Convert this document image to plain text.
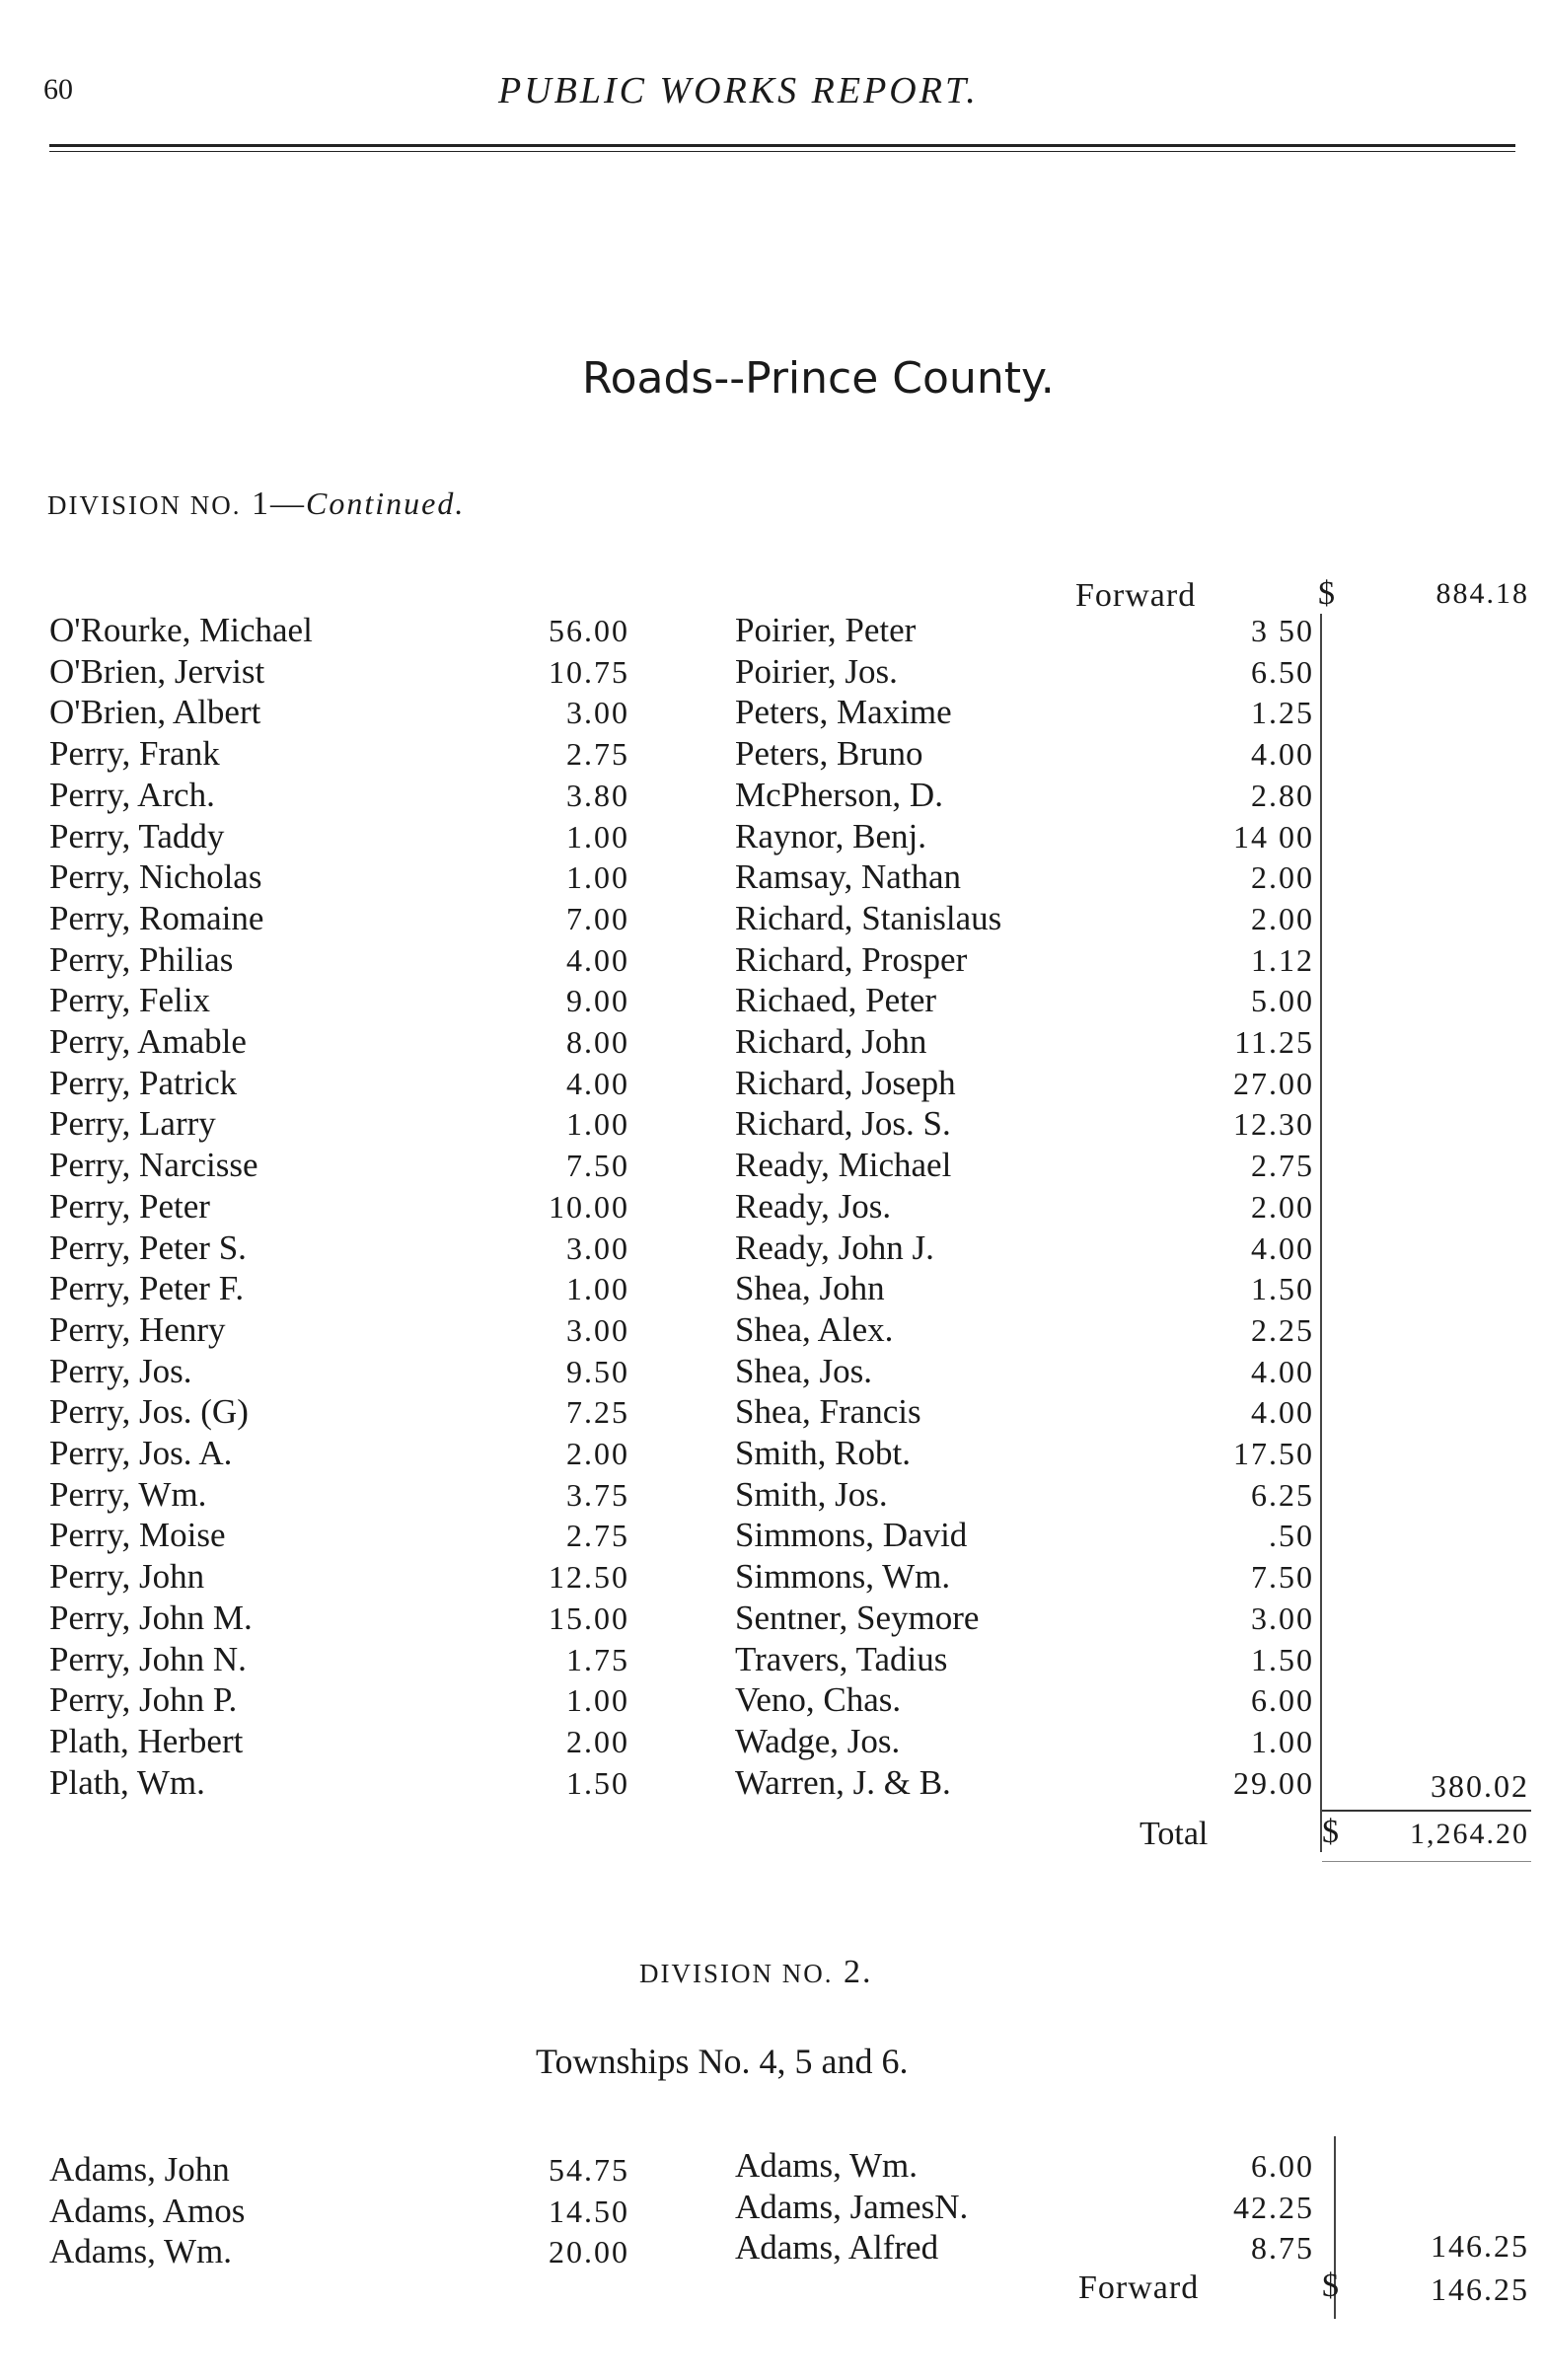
60	PUBLIC WORKS REPORT.
Roads--Prince County.
DIVISION NO. 1—Continued.
Forward	$	884.18
O'Rourke, Michael	56.00
O'Brien, Jervist	10.75
O'Brien, Albert	3.00
Perry, Frank	2.75
Perry, Arch.	3.80
Perry, Taddy	1.00
Perry, Nicholas	1.00
Perry, Romaine	7.00
Perry, Philias	4.00
Perry, Felix	9.00
Perry, Amable	8.00
Perry, Patrick	4.00
Perry, Larry	1.00
Perry, Narcisse	7.50
Perry, Peter	10.00
Perry, Peter S.	3.00
Perry, Peter F.	1.00
Perry, Henry	3.00
Perry, Jos.	9.50
Perry, Jos. (G)	7.25
Perry, Jos. A.	2.00
Perry, Wm.	3.75
Perry, Moise	2.75
Perry, John	12.50
Perry, John M.	15.00
Perry, John N.	1.75
Perry, John P.	1.00
Plath, Herbert	2.00
Plath, Wm.	1.50
Poirier, Peter	3 50
Poirier, Jos.	6.50
Peters, Maxime	1.25
Peters, Bruno	4.00
McPherson, D.	2.80
Raynor, Benj.	14 00
Ramsay, Nathan	2.00
Richard, Stanislaus	2.00
Richard, Prosper	1.12
Richaed, Peter	5.00
Richard, John	11.25
Richard, Joseph	27.00
Richard, Jos. S.	12.30
Ready, Michael	2.75
Ready, Jos.	2.00
Ready, John J.	4.00
Shea, John	1.50
Shea, Alex.	2.25
Shea, Jos.	4.00
Shea, Francis	4.00
Smith, Robt.	17.50
Smith, Jos.	6.25
Simmons, David	.50
Simmons, Wm.	7.50
Sentner, Seymore	3.00
Travers, Tadius	1.50
Veno, Chas.	6.00
Wadge, Jos.	1.00
Warren, J. & B.	29.00	380.02
Total	$	1,264.20
DIVISION NO. 2.
Townships No. 4, 5 and 6.
Adams, John	54.75
Adams, Amos	14.50
Adams, Wm.	20.00
Adams, Wm.	6.00
Adams, JamesN.	42.25
Adams, Alfred	8.75	146.25
Forward	$	146.25
